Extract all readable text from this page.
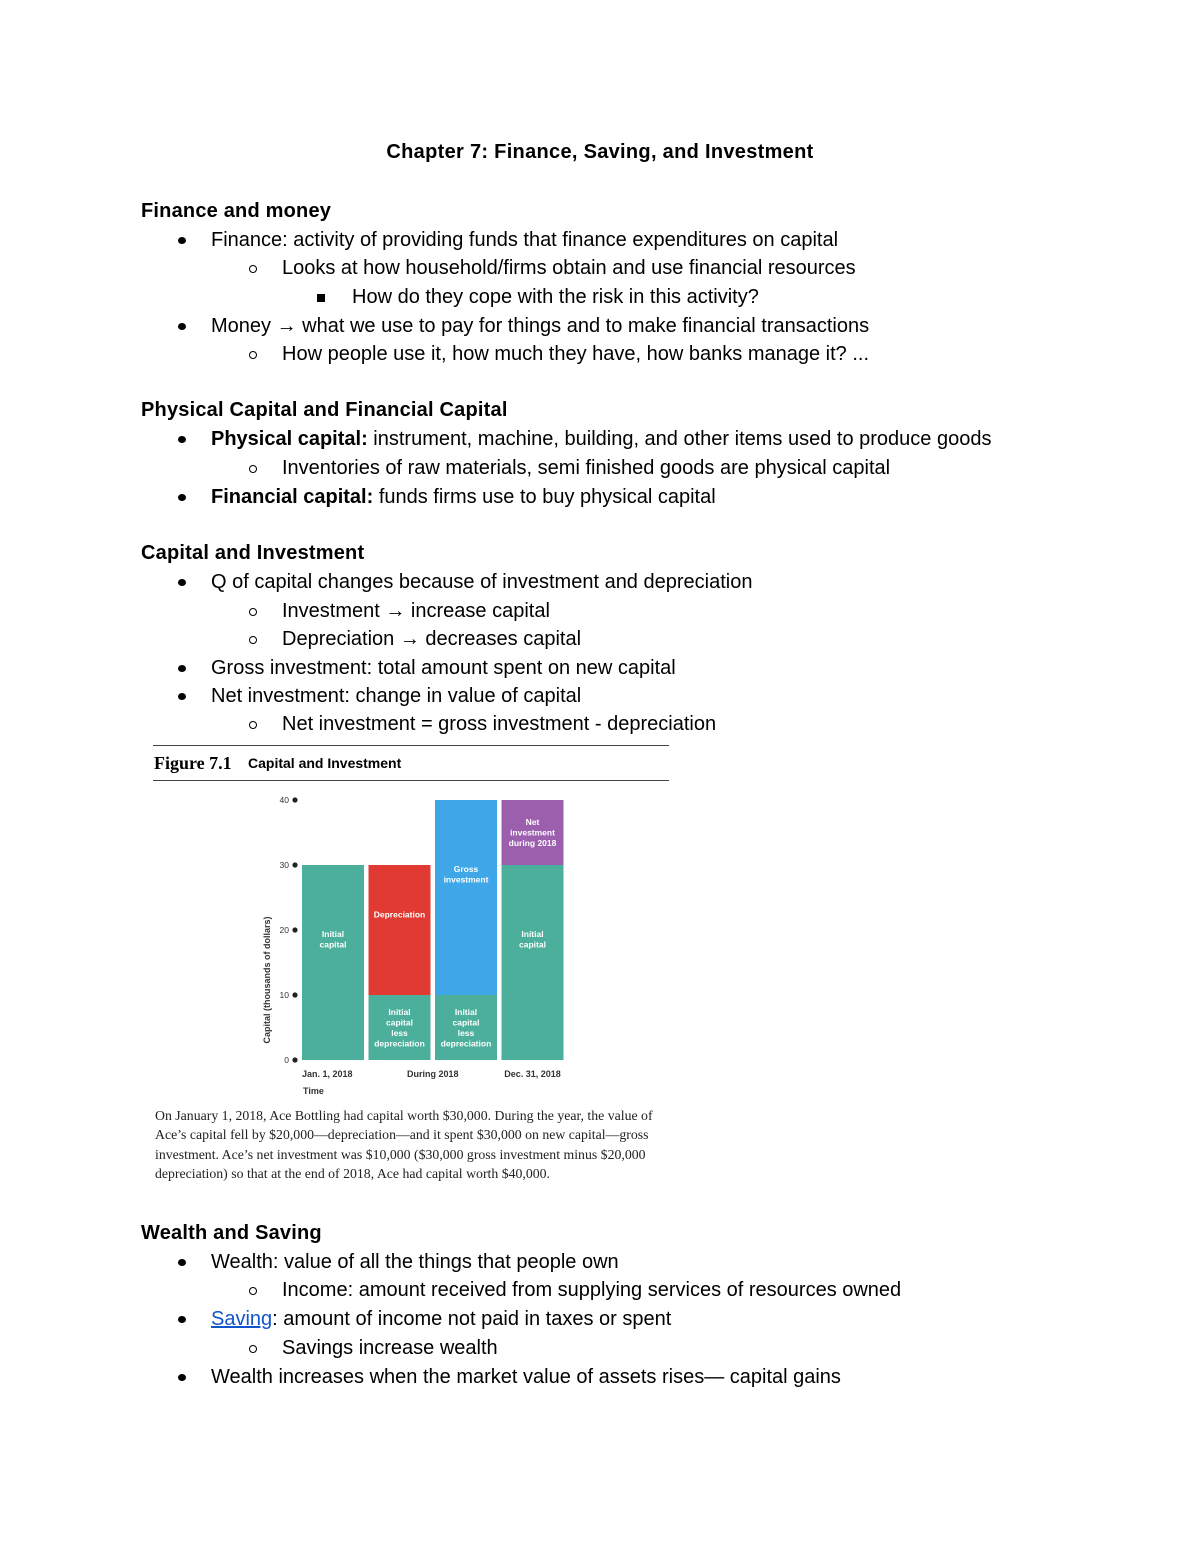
Chapter 7: Finance, Saving, and Investment
Finance and money
Finance: activity of providing funds that finance expenditures on capital
Looks at how household/firms obtain and use financial resources
How do they cope with the risk in this activity?
Money → what we use to pay for things and to make financial transactions
How people use it, how much they have, how banks manage it? ...
Physical Capital and Financial Capital
Physical capital: instrument, machine, building, and other items used to produce goods
Inventories of raw materials, semi finished goods are physical capital
Financial capital: funds firms use to buy physical capital
Capital and Investment
Q of capital changes because of investment and depreciation
Investment → increase capital
Depreciation → decreases capital
Gross investment: total amount spent on new capital
Net investment: change in value of capital
Net investment = gross investment - depreciation
Figure 7.1 Capital and Investment
Capital (thousands of dollars)
0
10
20
30
40
Initial
capital
Initial
capital
less
depreciation
Depreciation
Initial
capital
less
depreciation
Gross
investment
Initial
capital
Net
investment
during 2018
Jan. 1, 2018	During 2018	Dec. 31, 2018
Time
On January 1, 2018, Ace Bottling had capital worth $30,000. During the year, the value of Ace’s capital fell by $20,000—depreciation—and it spent $30,000 on new capital—gross investment. Ace’s net investment was $10,000 ($30,000 gross investment minus $20,000 depreciation) so that at the end of 2018, Ace had capital worth $40,000.
Wealth and Saving
Wealth: value of all the things that people own
Income: amount received from supplying services of resources owned
Saving: amount of income not paid in taxes or spent
Savings increase wealth
Wealth increases when the market value of assets rises— capital gains
